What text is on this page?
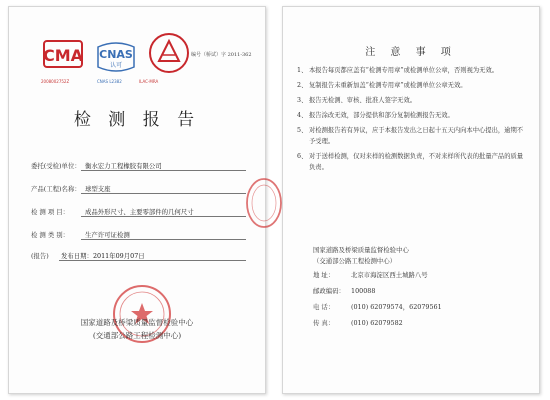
CMA
2008002752Z
CNAS
认可
CNAS L2382	ILAC-MRA
编号（桥试）字 2011-362
检 测 报 告
委托(受检)单位： 衡水宏力工程橡胶有限公司
产品(工程)名称： 球型支座
检 测 项 目： 成品外形尺寸、主要零部件的几何尺寸
检 测 类 别： 生产许可证检测
(报告) 发布日期：2011年09月07日
国家道路及桥梁质量监督检验中心
(交通部公路工程检测中心)
注 意 事 项
1、 本报告每页都应盖有“检测专用章”或检测单位公章，否则视为无效。
2、 复制报告未重新加盖“检测专用章”或检测单位公章无效。
3、 报告无检测、审核、批准人签字无效。
4、 报告涂改无效，部分提供和部分复制检测报告无效。
5、 对检测报告若有异议，应于本报告发出之日起十五天内向本中心提出，逾期不予受理。
6、 对于送样检测，仅对来样的检测数据负责，不对来样所代表的批量产品的质量负责。
国家道路及桥梁质量监督检验中心
（交通部公路工程检测中心）
地 址：	北京市海淀区西土城路八号
邮政编码： 100088
电 话：	(010) 62079574，62079561
传 真：	(010) 62079582
